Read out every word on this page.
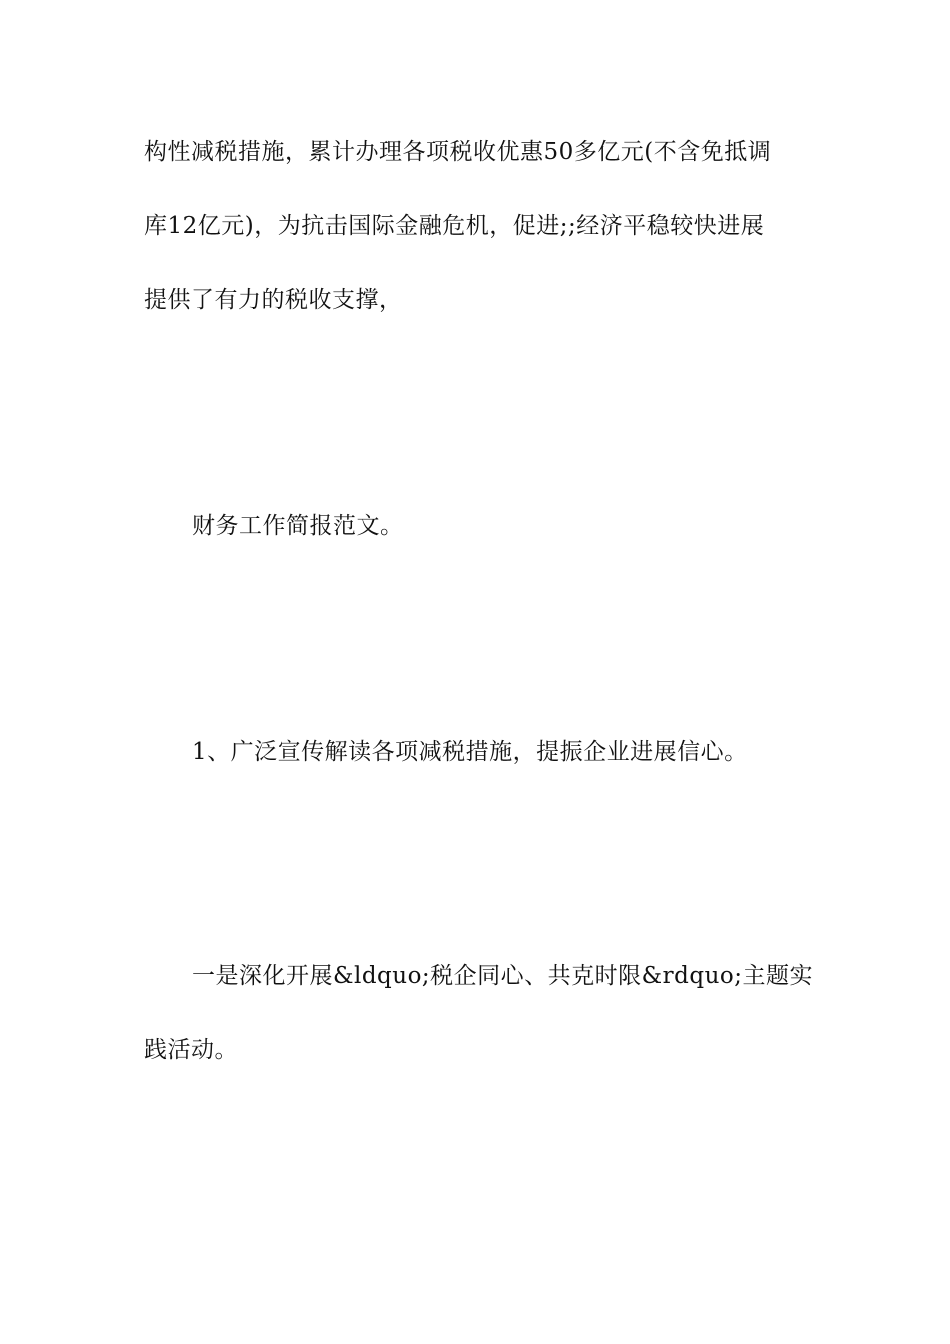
构性减税措施，累计办理各项税收优惠50多亿元(不含免抵调
库12亿元)，为抗击国际金融危机，促进;;经济平稳较快进展
提供了有力的税收支撑，
财务工作简报范文。
1、广泛宣传解读各项减税措施，提振企业进展信心。
一是深化开展&ldquo;税企同心、共克时限&rdquo;主题实
践活动。
